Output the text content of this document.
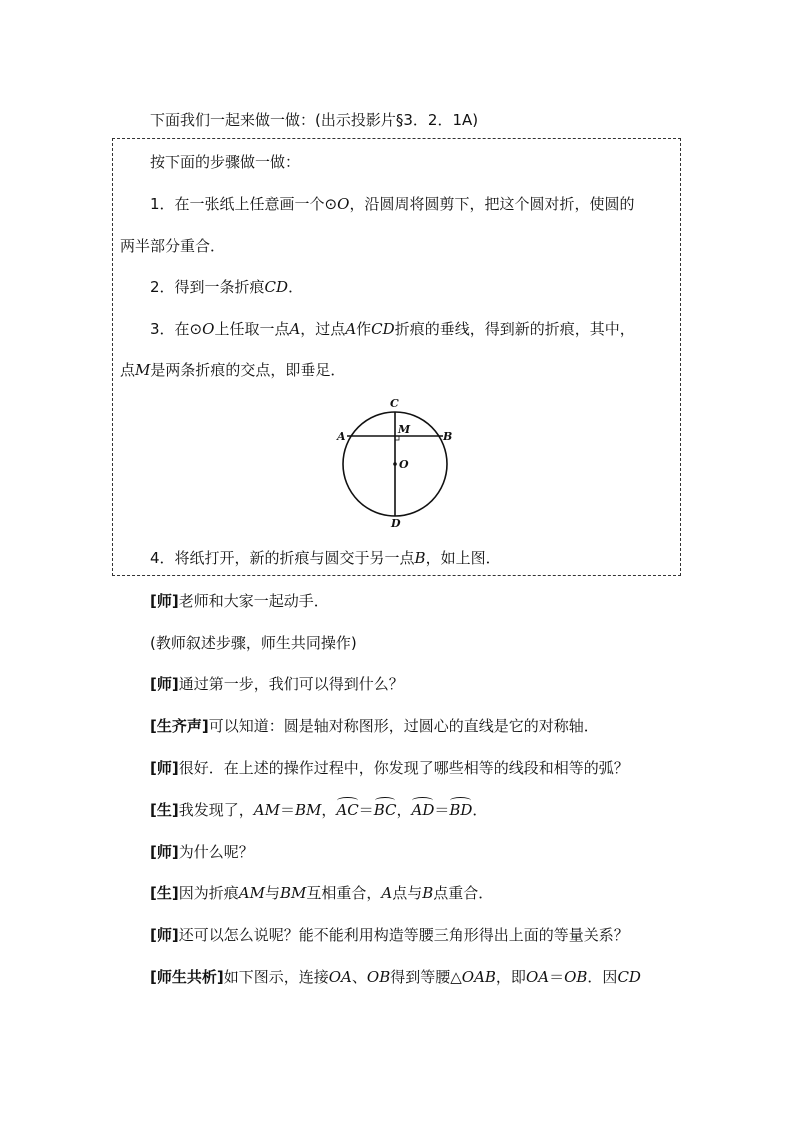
下面我们一起来做一做：(出示投影片§3．2．1A)
按下面的步骤做一做：
1．在一张纸上任意画一个⊙O，沿圆周将圆剪下，把这个圆对折，使圆的
两半部分重合．
2．得到一条折痕CD．
3．在⊙O上任取一点A，过点A作CD折痕的垂线，得到新的折痕，其中，
点M是两条折痕的交点，即垂足．
C
M
A	B
O
D
4．将纸打开，新的折痕与圆交于另一点B，如上图．
[师]老师和大家一起动手．
(教师叙述步骤，师生共同操作)
[师]通过第一步，我们可以得到什么？
[生齐声]可以知道：圆是轴对称图形，过圆心的直线是它的对称轴．
[师]很好．在上述的操作过程中，你发现了哪些相等的线段和相等的弧？
[生]我发现了，AM＝BM，AC＝BC，AD＝BD．
[师]为什么呢？
[生]因为折痕AM与BM互相重合，A点与B点重合．
[师]还可以怎么说呢？能不能利用构造等腰三角形得出上面的等量关系？
[师生共析]如下图示，连接OA、OB得到等腰△OAB，即OA＝OB．因CD
